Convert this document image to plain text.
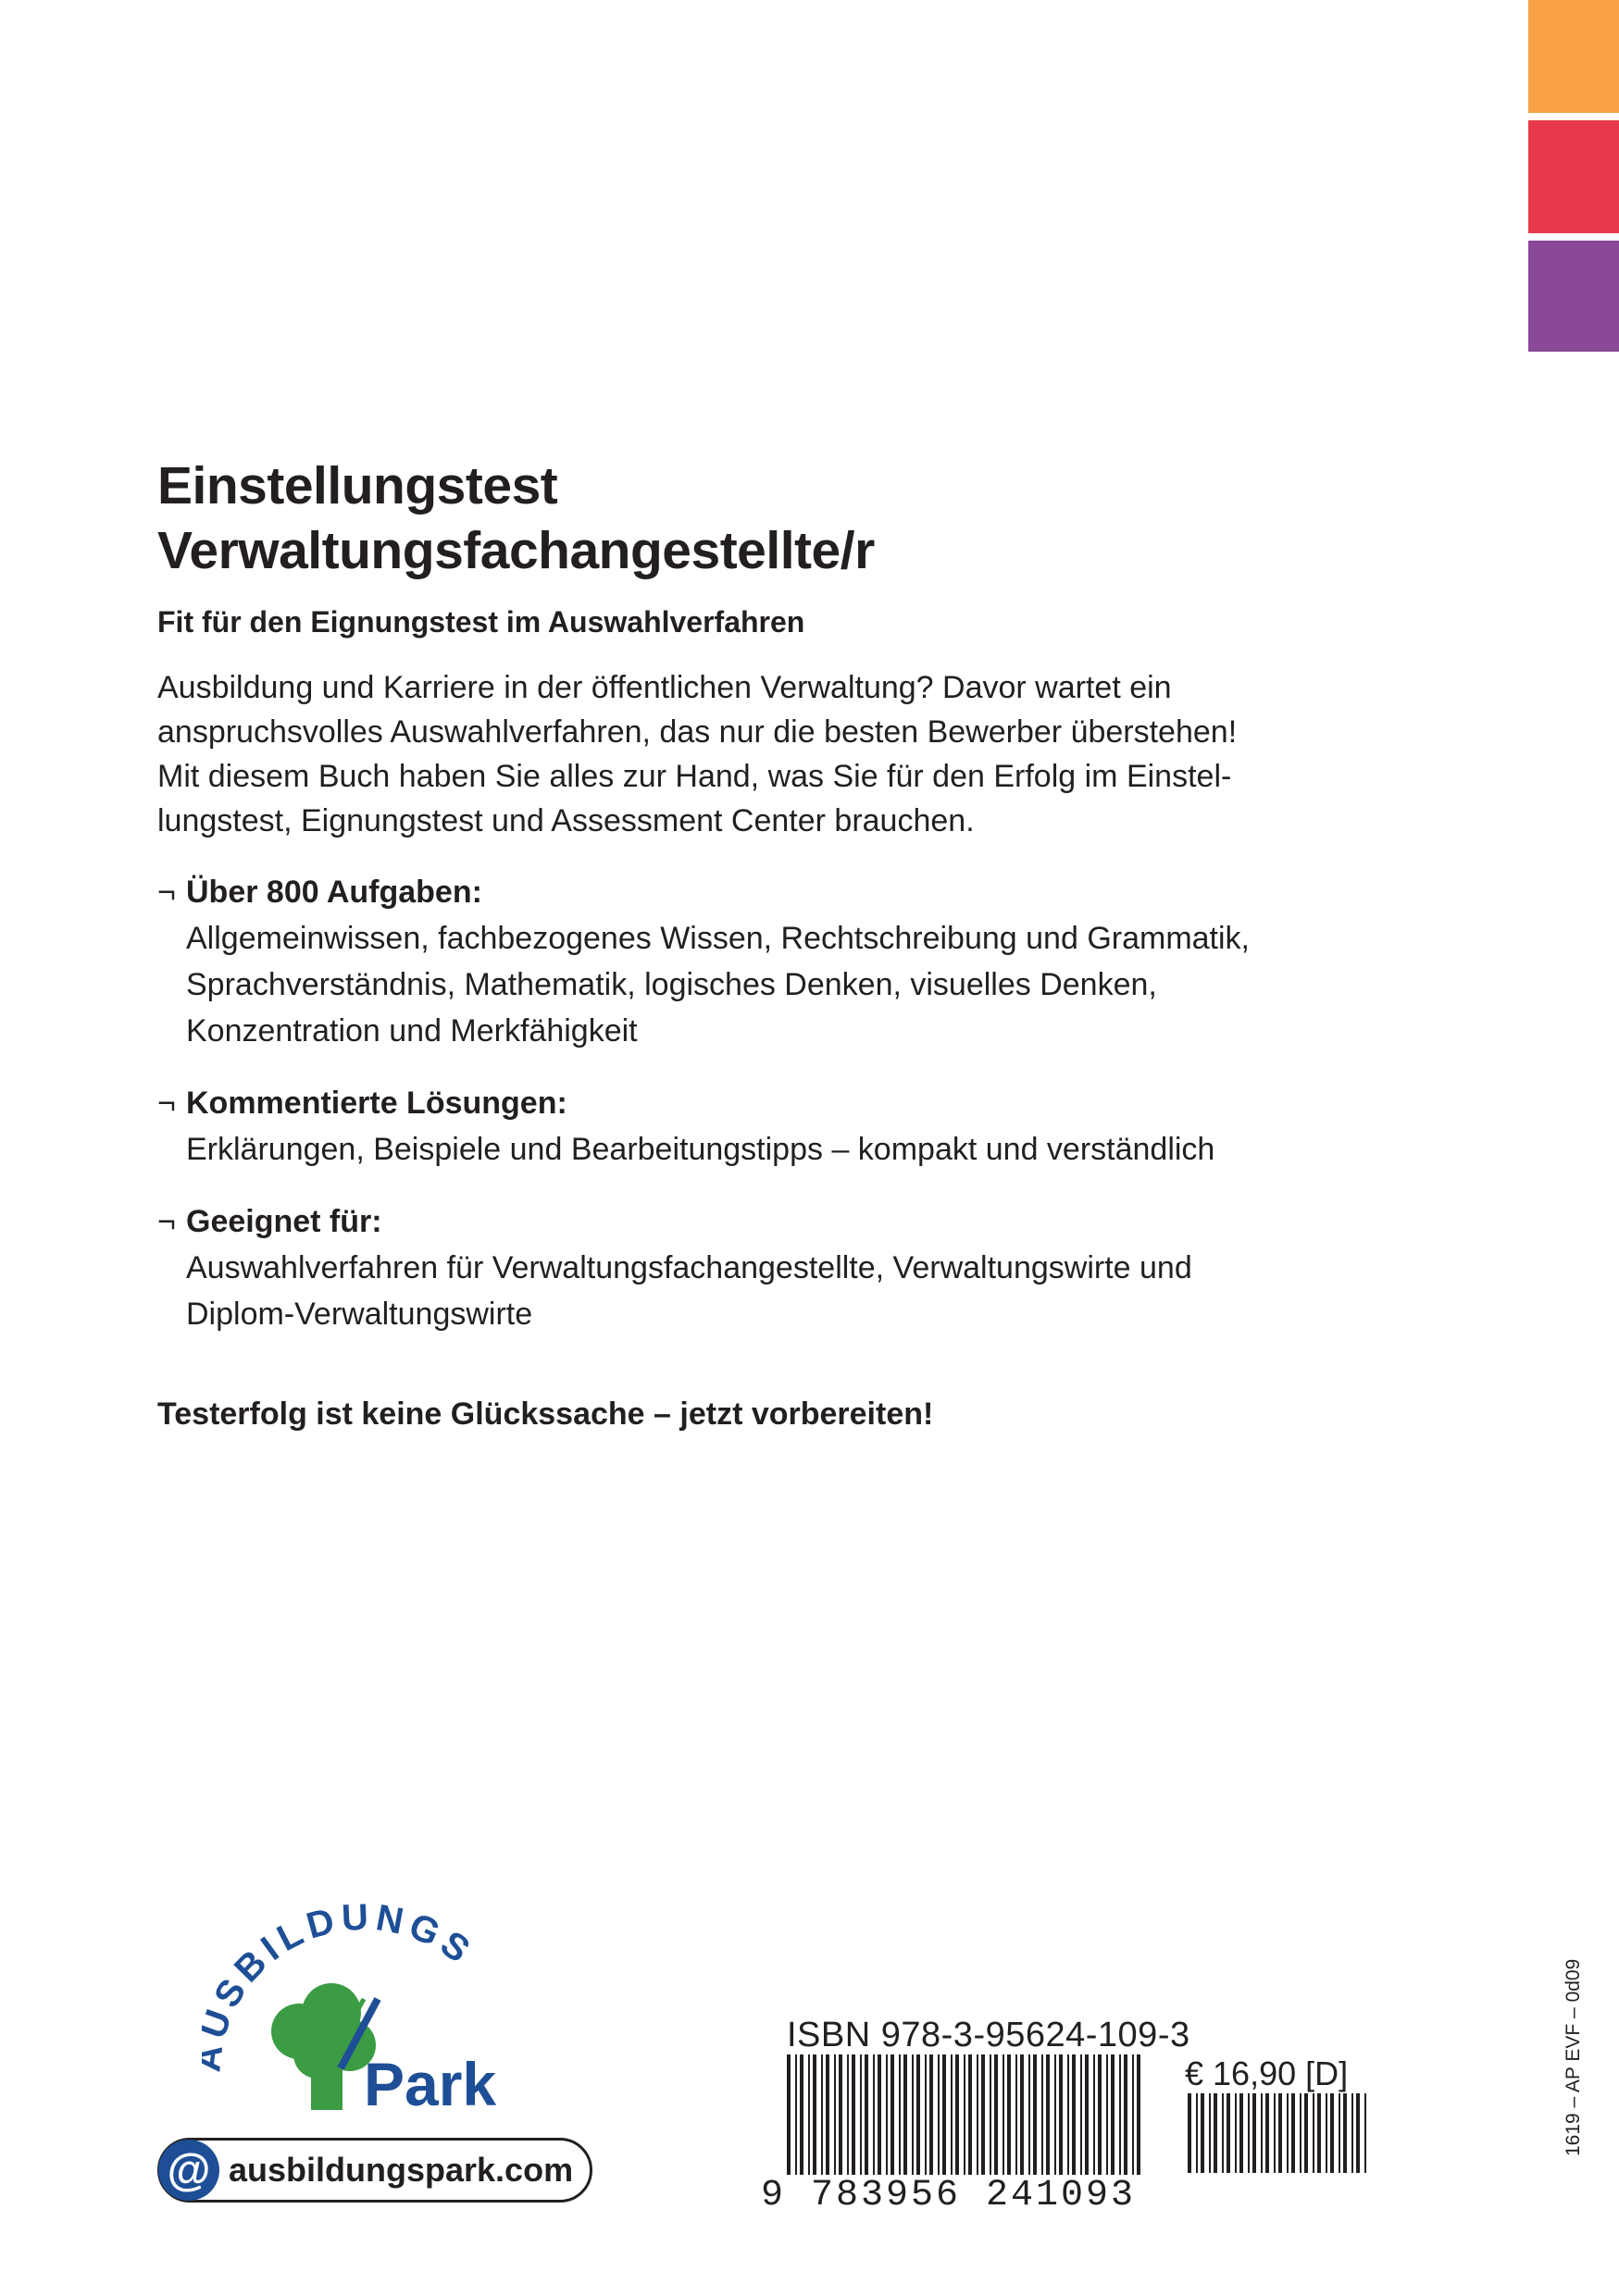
Einstellungstest
Verwaltungsfachangestellte/r

Fit für den Eignungstest im Auswahlverfahren

Ausbildung und Karriere in der öffentlichen Verwaltung? Davor wartet ein
anspruchsvolles Auswahlverfahren, das nur die besten Bewerber überstehen!
Mit diesem Buch haben Sie alles zur Hand, was Sie für den Erfolg im Einstel-
lungstest, Eignungstest und Assessment Center brauchen.

¬ Über 800 Aufgaben:
Allgemeinwissen, fachbezogenes Wissen, Rechtschreibung und Grammatik,
Sprachverständnis, Mathematik, logisches Denken, visuelles Denken,
Konzentration und Merkfähigkeit
¬ Kommentierte Lösungen:
Erklärungen, Beispiele und Bearbeitungstipps – kompakt und verständlich
¬ Geeignet für:
Auswahlverfahren für Verwaltungsfachangestellte, Verwaltungswirte und
Diplom-Verwaltungswirte
Testerfolg ist keine Glückssache – jetzt vorbereiten!
SBILDUNGS
Park
@ ausbildungspark.com
ISBN 978-3-95624-109-3
9 783956 241093
€ 16,90 [D]	1619 – AP EVF – 0d09
